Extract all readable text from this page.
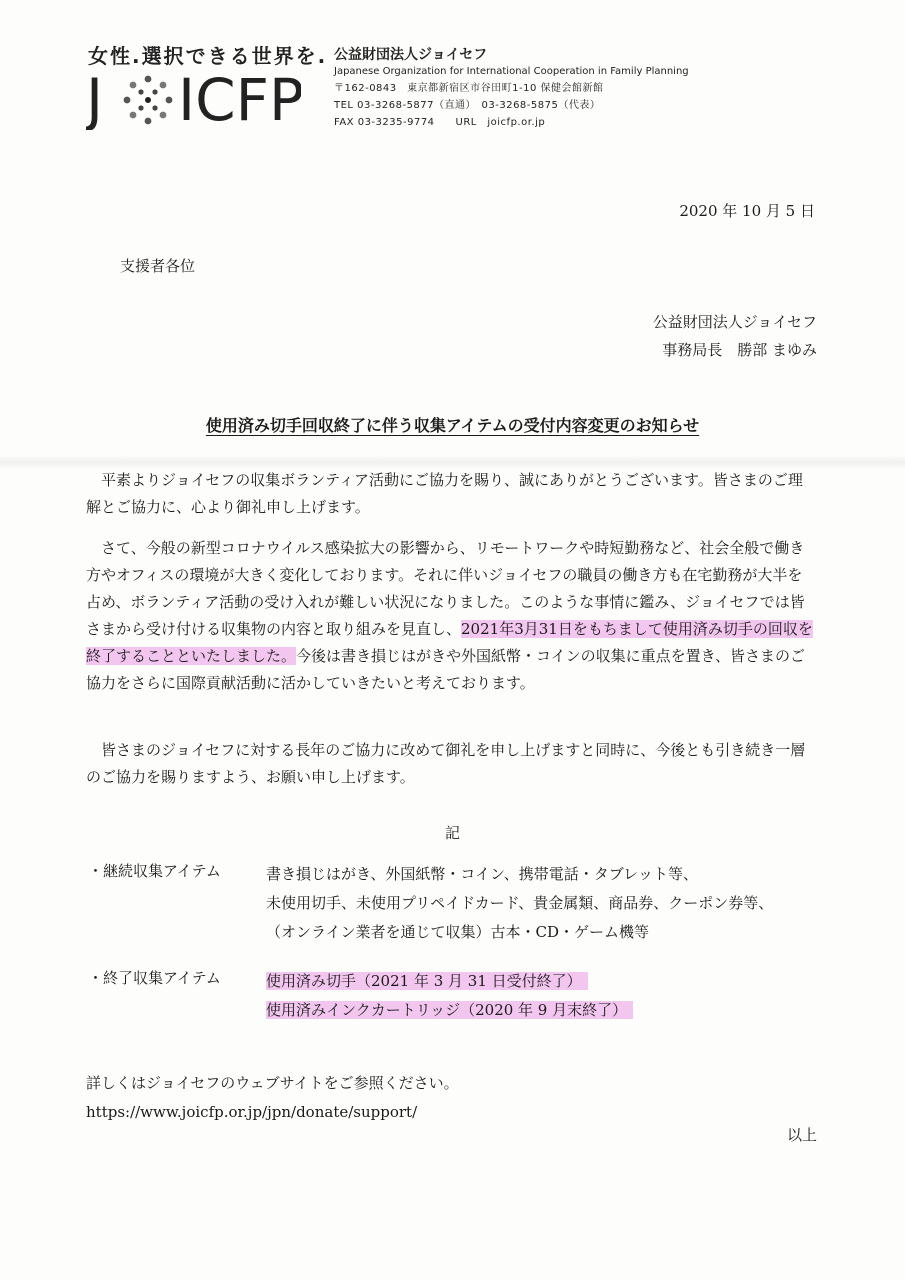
女性.選択できる世界を.
J ICFP
公益財団法人ジョイセフ
Japanese Organization for International Cooperation in Family Planning
〒162-0843　東京都新宿区市谷田町1-10 保健会館新館
TEL 03-3268-5877（直通）　03-3268-5875（代表）
FAX 03-3235-9774　　URL　joicfp.or.jp
2020 年 10 月 5 日
支援者各位
公益財団法人ジョイセフ
事務局長　勝部 まゆみ
使用済み切手回収終了に伴う収集アイテムの受付内容変更のお知らせ

平素よりジョイセフの収集ボランティア活動にご協力を賜り、誠にありがとうございます。皆さまのご理解とご協力に、心より御礼申し上げます。

さて、今般の新型コロナウイルス感染拡大の影響から、リモートワークや時短勤務など、社会全般で働き方やオフィスの環境が大きく変化しております。それに伴いジョイセフの職員の働き方も在宅勤務が大半を占め、ボランティア活動の受け入れが難しい状況になりました。このような事情に鑑み、ジョイセフでは皆さまから受け付ける収集物の内容と取り組みを見直し、2021年3月31日をもちまして使用済み切手の回収を終了することといたしました。今後は書き損じはがきや外国紙幣・コインの収集に重点を置き、皆さまのご協力をさらに国際貢献活動に活かしていきたいと考えております。

皆さまのジョイセフに対する長年のご協力に改めて御礼を申し上げますと同時に、今後とも引き続き一層のご協力を賜りますよう、お願い申し上げます。

記
・継続収集アイテム	書き損じはがき、外国紙幣・コイン、携帯電話・タブレット等、
未使用切手、未使用プリペイドカード、貴金属類、商品券、クーポン券等、
（オンライン業者を通じて収集）古本・CD・ゲーム機等
・終了収集アイテム	使用済み切手（2021 年 3 月 31 日受付終了）
使用済みインクカートリッジ（2020 年 9 月末終了）
詳しくはジョイセフのウェブサイトをご参照ください。
https://www.joicfp.or.jp/jpn/donate/support/
以上
